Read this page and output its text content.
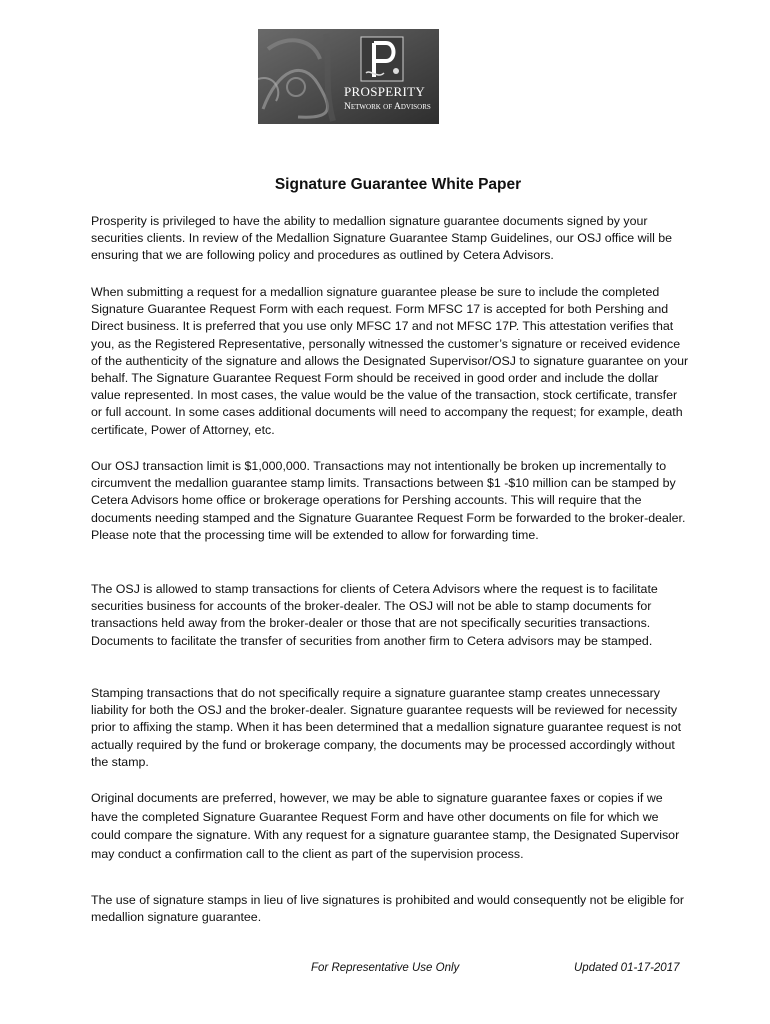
PROSPERITY
Network of Advisors
Signature Guarantee White Paper

Prosperity is privileged to have the ability to medallion signature guarantee documents signed by your securities clients. In review of the Medallion Signature Guarantee Stamp Guidelines, our OSJ office will be ensuring that we are following policy and procedures as outlined by Cetera Advisors.

When submitting a request for a medallion signature guarantee please be sure to include the completed Signature Guarantee Request Form with each request. Form MFSC 17 is accepted for both Pershing and Direct business. It is preferred that you use only MFSC 17 and not MFSC 17P. This attestation verifies that you, as the Registered Representative, personally witnessed the customer’s signature or received evidence of the authenticity of the signature and allows the Designated Supervisor/OSJ to signature guarantee on your behalf. The Signature Guarantee Request Form should be received in good order and include the dollar value represented. In most cases, the value would be the value of the transaction, stock certificate, transfer or full account. In some cases additional documents will need to accompany the request; for example, death certificate, Power of Attorney, etc.

Our OSJ transaction limit is $1,000,000. Transactions may not intentionally be broken up incrementally to circumvent the medallion guarantee stamp limits. Transactions between $1 -$10 million can be stamped by Cetera Advisors home office or brokerage operations for Pershing accounts. This will require that the documents needing stamped and the Signature Guarantee Request Form be forwarded to the broker-dealer. Please note that the processing time will be extended to allow for forwarding time.

The OSJ is allowed to stamp transactions for clients of Cetera Advisors where the request is to facilitate securities business for accounts of the broker-dealer. The OSJ will not be able to stamp documents for transactions held away from the broker-dealer or those that are not specifically securities transactions. Documents to facilitate the transfer of securities from another firm to Cetera advisors may be stamped.

Stamping transactions that do not specifically require a signature guarantee stamp creates unnecessary liability for both the OSJ and the broker-dealer. Signature guarantee requests will be reviewed for necessity prior to affixing the stamp. When it has been determined that a medallion signature guarantee request is not actually required by the fund or brokerage company, the documents may be processed accordingly without the stamp.

Original documents are preferred, however, we may be able to signature guarantee faxes or copies if we have the completed Signature Guarantee Request Form and have other documents on file for which we could compare the signature. With any request for a signature guarantee stamp, the Designated Supervisor may conduct a confirmation call to the client as part of the supervision process.

The use of signature stamps in lieu of live signatures is prohibited and would consequently not be eligible for medallion signature guarantee.

For Representative Use Only	Updated 01-17-2017
